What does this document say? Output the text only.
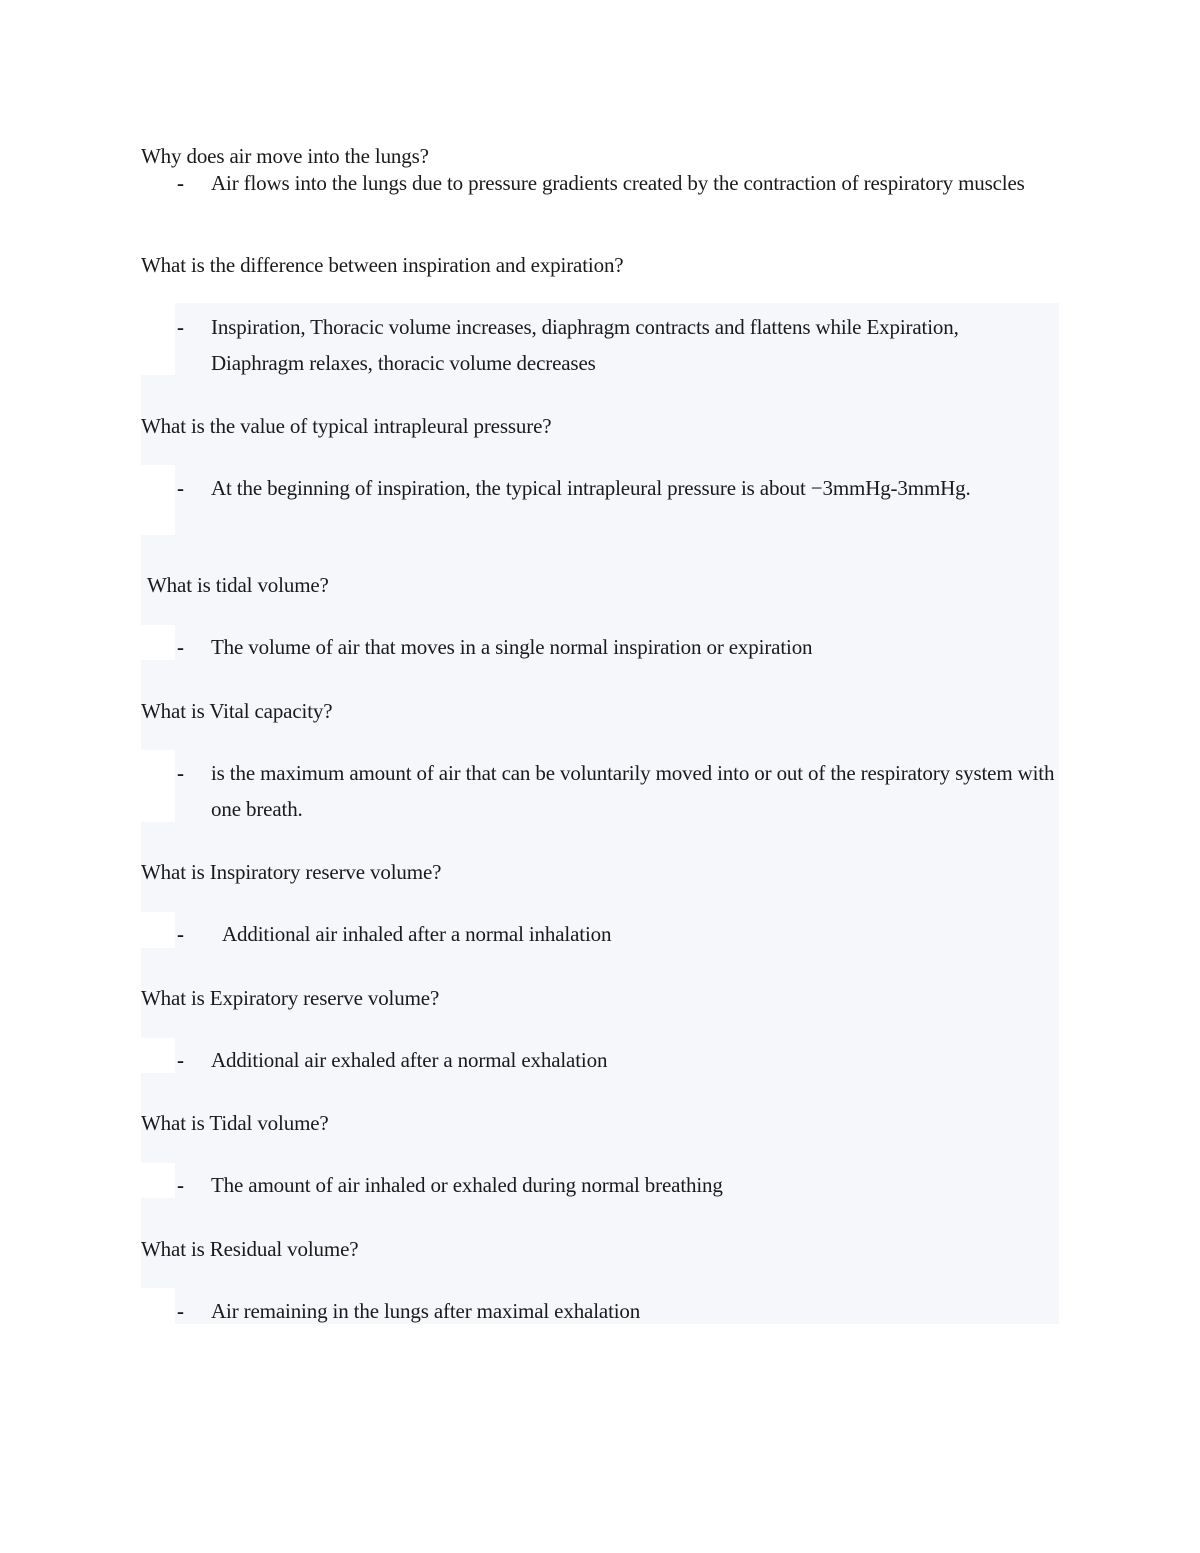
Why does air move into the lungs?
- Air flows into the lungs due to pressure gradients created by the contraction of respiratory muscles
What is the difference between inspiration and expiration?
- Inspiration, Thoracic volume increases, diaphragm contracts and flattens while Expiration, Diaphragm relaxes, thoracic volume decreases
What is the value of typical intrapleural pressure?
- At the beginning of inspiration, the typical intrapleural pressure is about −3mmHg-3mmHg.
What is tidal volume?
- The volume of air that moves in a single normal inspiration or expiration
What is Vital capacity?
- is the maximum amount of air that can be voluntarily moved into or out of the respiratory system with one breath.
What is Inspiratory reserve volume?
- Additional air inhaled after a normal inhalation
What is Expiratory reserve volume?
- Additional air exhaled after a normal exhalation
What is Tidal volume?
- The amount of air inhaled or exhaled during normal breathing
What is Residual volume?
- Air remaining in the lungs after maximal exhalation
